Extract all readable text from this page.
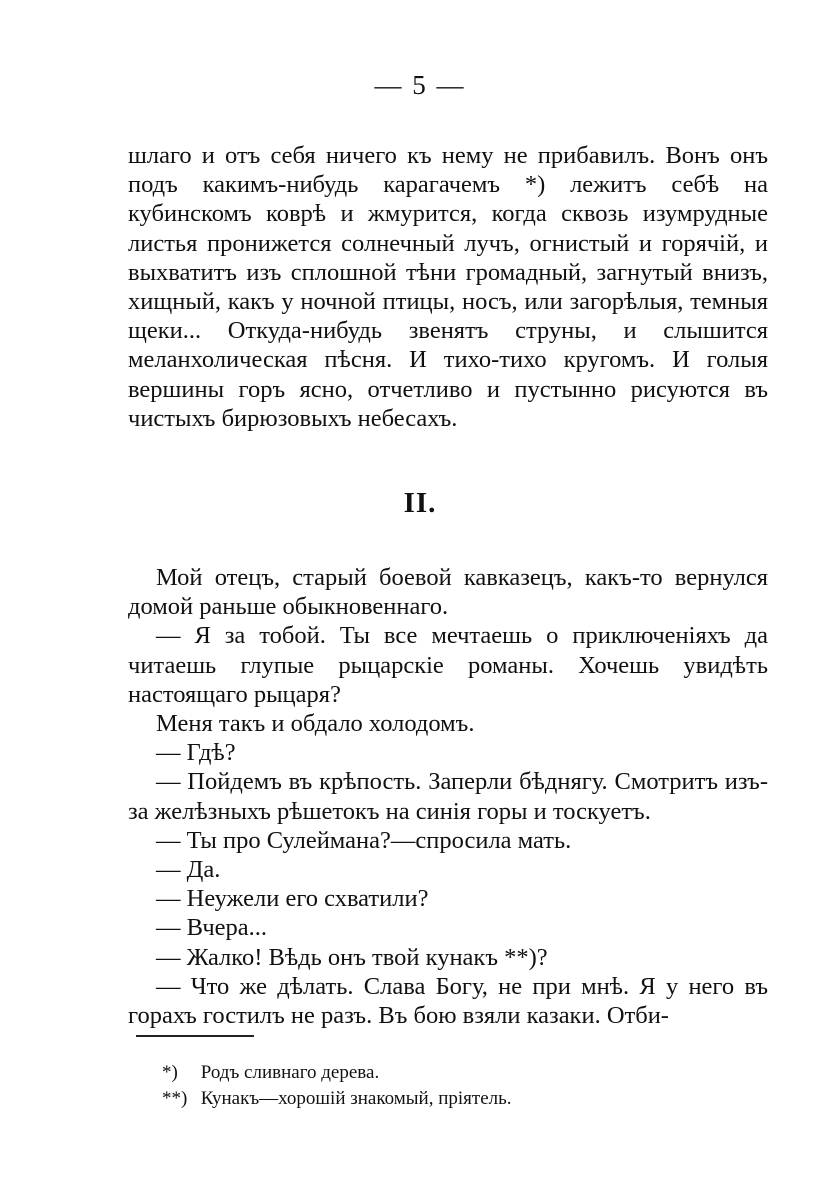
— 5 —

шлаго и отъ себя ничего къ нему не прибавилъ. Вонъ онъ подъ какимъ-нибудь карагачемъ *) лежитъ себѣ на кубинскомъ коврѣ и жмурится, когда сквозь изумрудные листья пронижется солнечный лучъ, огнистый и горячій, и выхватитъ изъ сплошной тѣни громадный, загнутый внизъ, хищный, какъ у ночной птицы, носъ, или загорѣлыя, темныя щеки... Откуда-нибудь звенятъ струны, и слышится меланхолическая пѣсня. И тихо-тихо кругомъ. И голыя вершины горъ ясно, отчетливо и пустынно рисуются въ чистыхъ бирюзовыхъ небесахъ.

II.

Мой отецъ, старый боевой кавказецъ, какъ-то вернулся домой раньше обыкновеннаго.

— Я за тобой. Ты все мечтаешь о приключеніяхъ да читаешь глупые рыцарскіе романы. Хочешь увидѣть настоящаго рыцаря?

Меня такъ и обдало холодомъ.

— Гдѣ?

— Пойдемъ въ крѣпость. Заперли бѣднягу. Смотритъ изъ-за желѣзныхъ рѣшетокъ на синія горы и тоскуетъ.

— Ты про Сулеймана?—спросила мать.

— Да.

— Неужели его схватили?

— Вчера...

— Жалко! Вѣдь онъ твой кунакъ **)?

— Что же дѣлать. Слава Богу, не при мнѣ. Я у него въ горахъ гостилъ не разъ. Въ бою взяли казаки. Отби-

*) Родъ сливнаго дерева.

**) Кунакъ—хорошій знакомый, пріятель.
